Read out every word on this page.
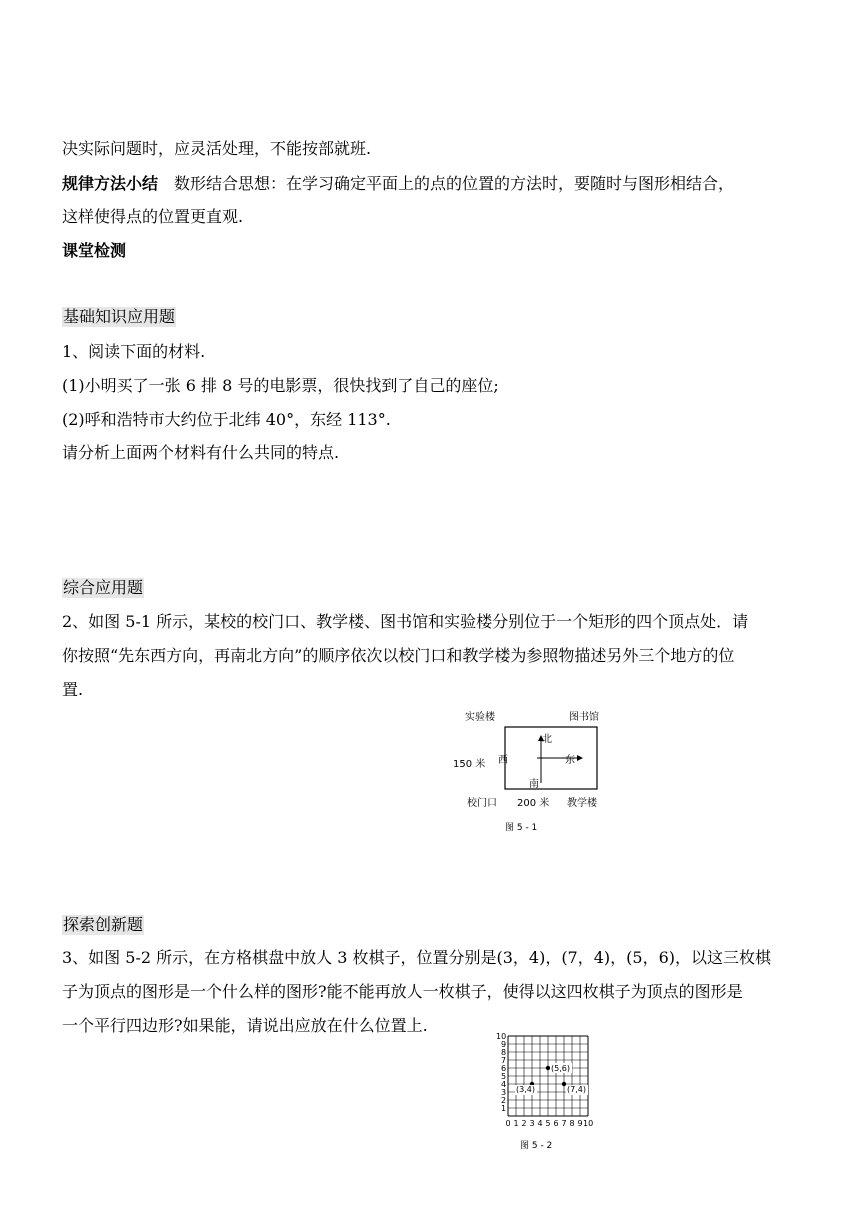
决实际问题时，应灵活处理，不能按部就班.
规律方法小结 数形结合思想：在学习确定平面上的点的位置的方法时，要随时与图形相结合，
这样使得点的位置更直观.
课堂检测
基础知识应用题
1、阅读下面的材料.
(1)小明买了一张 6 排 8 号的电影票，很快找到了自己的座位;
(2)呼和浩特市大约位于北纬 40°，东经 113°.
请分析上面两个材料有什么共同的特点.
综合应用题
2、如图 5-1 所示，某校的校门口、教学楼、图书馆和实验楼分别位于一个矩形的四个顶点处．请
你按照“先东西方向，再南北方向”的顺序依次以校门口和教学楼为参照物描述另外三个地方的位
置.
实验楼	图书馆
北
西	东
南
150 米
校门口 200 米 教学楼
图 5 - 1
探索创新题
3、如图 5-2 所示，在方格棋盘中放人 3 枚棋子，位置分别是(3，4)，(7，4)，(5，6)，以这三枚棋
子为顶点的图形是一个什么样的图形?能不能再放人一枚棋子，使得以这四枚棋子为顶点的图形是
一个平行四边形?如果能，请说出应放在什么位置上.
0 1 2 3 4 5 6 7 8 9 10
1
2
3
4
5
6
7
8
9
10
(3,4)	(7,4)
(5,6)
图 5 - 2
